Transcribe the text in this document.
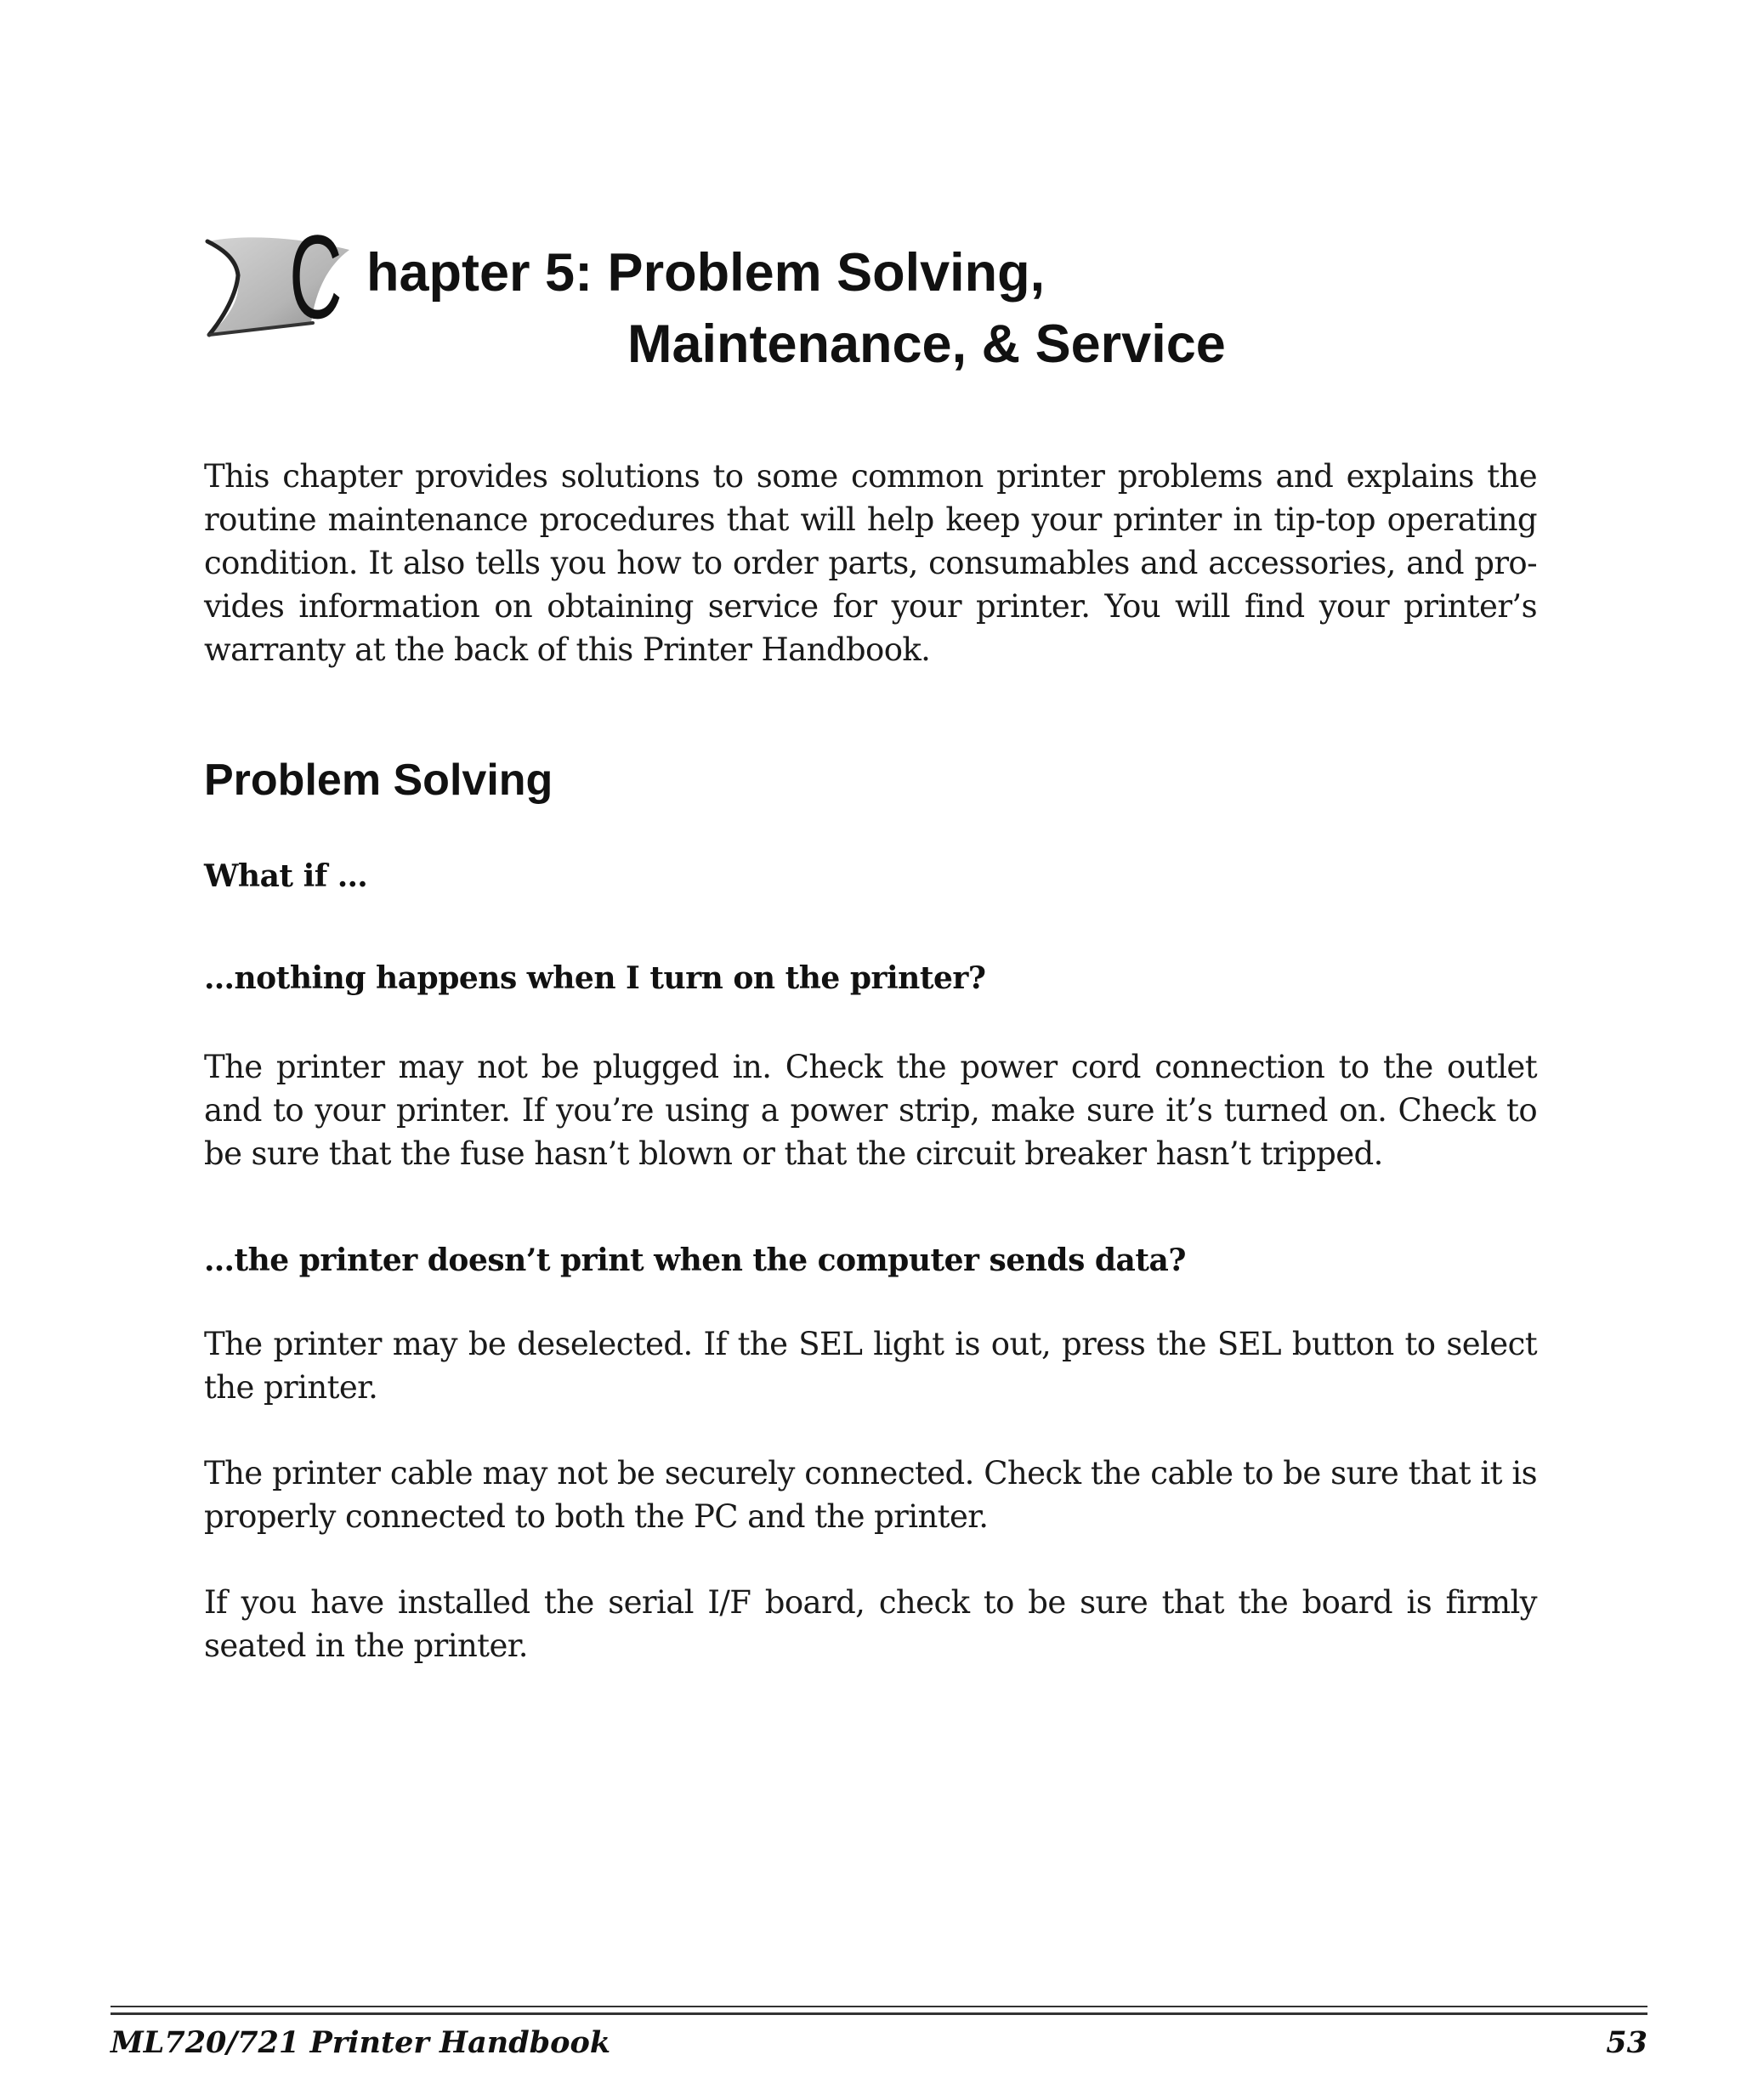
C hapter 5: Problem Solving,
Maintenance, & Service

This chapter provides solutions to some common printer problems and explains the routine maintenance procedures that will help keep your printer in tip-top operating condition. It also tells you how to order parts, consumables and accessories, and pro-vides information on obtaining service for your printer. You will find your printer’s warranty at the back of this Printer Handbook.

Problem Solving

What if …

…nothing happens when I turn on the printer?

The printer may not be plugged in. Check the power cord connection to the outlet and to your printer. If you’re using a power strip, make sure it’s turned on. Check to be sure that the fuse hasn’t blown or that the circuit breaker hasn’t tripped.

…the printer doesn’t print when the computer sends data?

The printer may be deselected. If the SEL light is out, press the SEL button to select the printer.

The printer cable may not be securely connected. Check the cable to be sure that it is properly connected to both the PC and the printer.

If you have installed the serial I/F board, check to be sure that the board is firmly seated in the printer.

ML720/721 Printer Handbook	53
